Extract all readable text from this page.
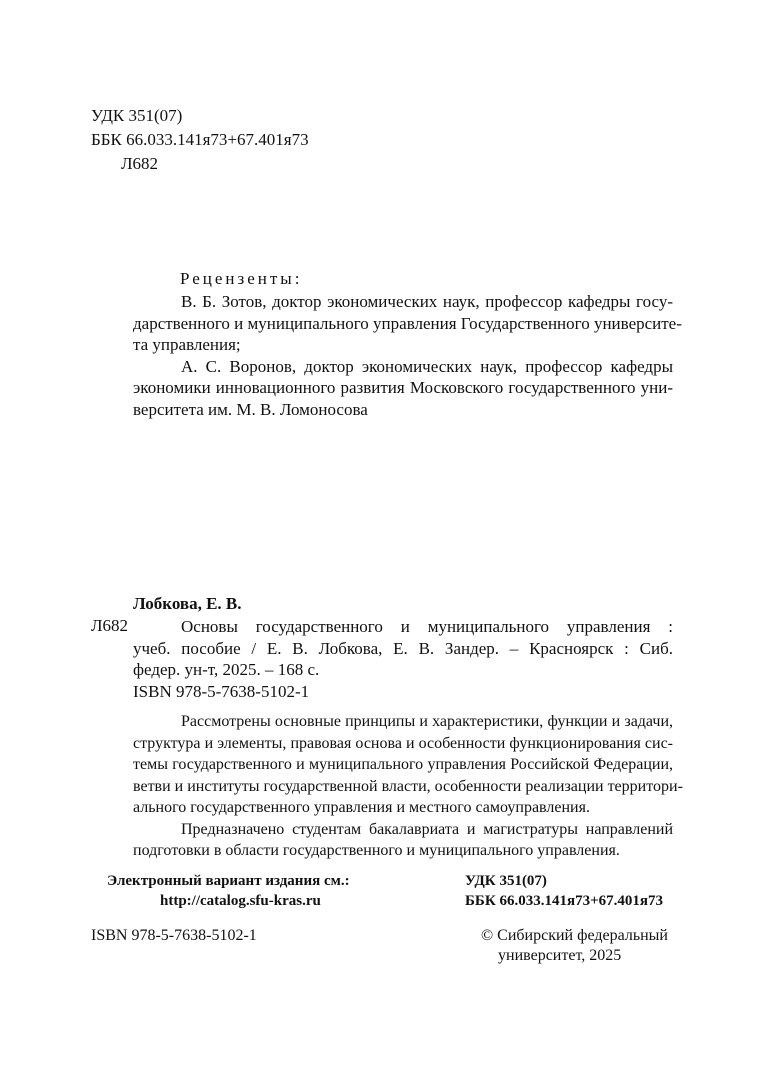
УДК 351(07)
ББК 66.033.141я73+67.401я73
Л682
Рецензенты:
В. Б. Зотов, доктор экономических наук, профессор кафедры госу-
дарственного и муниципального управления Государственного университе-
та управления;
А. С. Воронов, доктор экономических наук, профессор кафедры
экономики инновационного развития Московского государственного уни-
верситета им. М. В. Ломоносова
Лобкова, Е. В.
Л682	Основы государственного и муниципального управления :
учеб. пособие / Е. В. Лобкова, Е. В. Зандер. – Красноярск : Сиб.
федер. ун-т, 2025. – 168 с.
ISBN 978-5-7638-5102-1
Рассмотрены основные принципы и характеристики, функции и задачи,
структура и элементы, правовая основа и особенности функционирования сис-
темы государственного и муниципального управления Российской Федерации,
ветви и институты государственной власти, особенности реализации территори-
ального государственного управления и местного самоуправления.
Предназначено студентам бакалавриата и магистратуры направлений
подготовки в области государственного и муниципального управления.
Электронный вариант издания см.:
http://catalog.sfu-kras.ru
УДК 351(07)
ББК 66.033.141я73+67.401я73
ISBN 978-5-7638-5102-1	© Сибирский федеральный
университет, 2025
